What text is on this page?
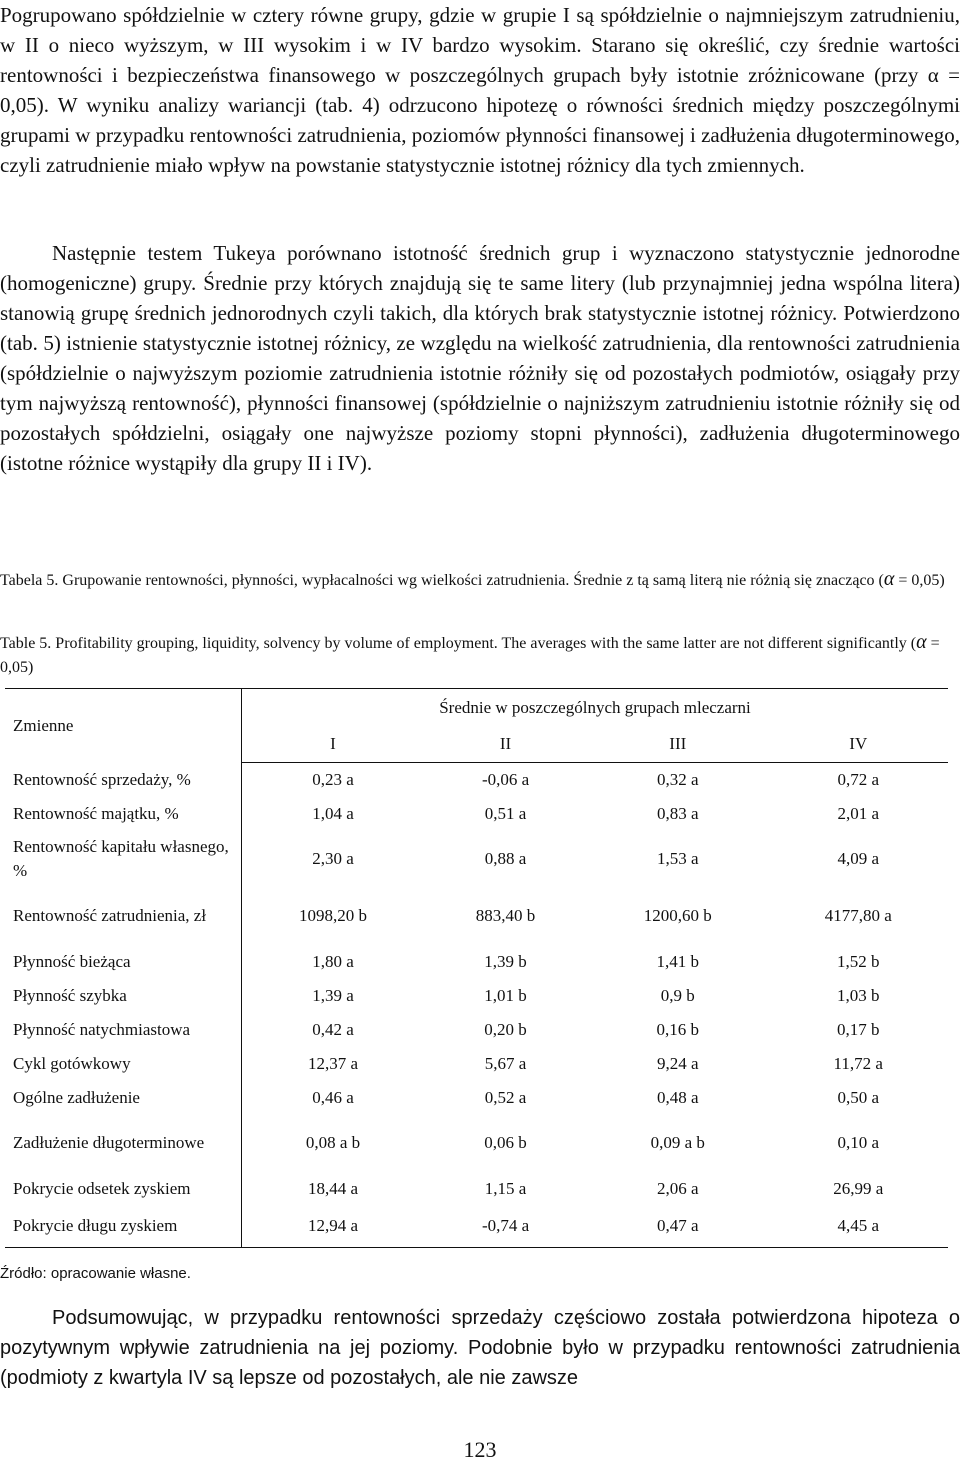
Pogrupowano spółdzielnie w cztery równe grupy, gdzie w grupie I są spółdzielnie o najmniejszym zatrudnieniu, w II o nieco wyższym, w III wysokim i w IV bardzo wysokim. Starano się określić, czy średnie wartości rentowności i bezpieczeństwa finansowego w poszczególnych grupach były istotnie zróżnicowane (przy α = 0,05). W wyniku analizy wariancji (tab. 4) odrzucono hipotezę o równości średnich między poszczególnymi grupami w przypadku rentowności zatrudnienia, poziomów płynności finansowej i zadłużenia długoterminowego, czyli zatrudnienie miało wpływ na powstanie statystycznie istotnej różnicy dla tych zmiennych.

Następnie testem Tukeya porównano istotność średnich grup i wyznaczono statystycznie jednorodne (homogeniczne) grupy. Średnie przy których znajdują się te same litery (lub przynajmniej jedna wspólna litera) stanowią grupę średnich jednorodnych czyli takich, dla których brak statystycznie istotnej różnicy. Potwierdzono (tab. 5) istnienie statystycznie istotnej różnicy, ze względu na wielkość zatrudnienia, dla rentowności zatrudnienia (spółdzielnie o najwyższym poziomie zatrudnienia istotnie różniły się od pozostałych podmiotów, osiągały przy tym najwyższą rentowność), płynności finansowej (spółdzielnie o najniższym zatrudnieniu istotnie różniły się od pozostałych spółdzielni, osiągały one najwyższe poziomy stopni płynności), zadłużenia długoterminowego (istotne różnice wystąpiły dla grupy II i IV).

Tabela 5. Grupowanie rentowności, płynności, wypłacalności wg wielkości zatrudnienia. Średnie z tą samą literą nie różnią się znacząco (α = 0,05)

Table 5. Profitability grouping, liquidity, solvency by volume of employment. The averages with the same latter are not different significantly (α = 0,05)

Zmienne	Średnie w poszczególnych grupach mleczarni			
	I	II	III	IV
Rentowność sprzedaży, %	0,23 a	-0,06 a	0,32 a	0,72 a
Rentowność majątku, %	1,04 a	0,51 a	0,83 a	2,01 a
Rentowność kapitału własnego, %	2,30 a	0,88 a	1,53 a	4,09 a
Rentowność zatrudnienia, zł	1098,20 b	883,40 b	1200,60 b	4177,80 a
Płynność bieżąca	1,80 a	1,39 b	1,41 b	1,52 b
Płynność szybka	1,39 a	1,01 b	0,9 b	1,03 b
Płynność natychmiastowa	0,42 a	0,20 b	0,16 b	0,17 b
Cykl gotówkowy	12,37 a	5,67 a	9,24 a	11,72 a
Ogólne zadłużenie	0,46 a	0,52 a	0,48 a	0,50 a
Zadłużenie długoterminowe	0,08 a b	0,06 b	0,09 a b	0,10 a
Pokrycie odsetek zyskiem	18,44 a	1,15 a	2,06 a	26,99 a
Pokrycie długu zyskiem	12,94 a	-0,74 a	0,47 a	4,45 a

Źródło: opracowanie własne.

Podsumowując, w przypadku rentowności sprzedaży częściowo została potwierdzona hipoteza o pozytywnym wpływie zatrudnienia na jej poziomy. Podobnie było w przypadku rentowności zatrudnienia (podmioty z kwartyla IV są lepsze od pozostałych, ale nie zawsze

123
